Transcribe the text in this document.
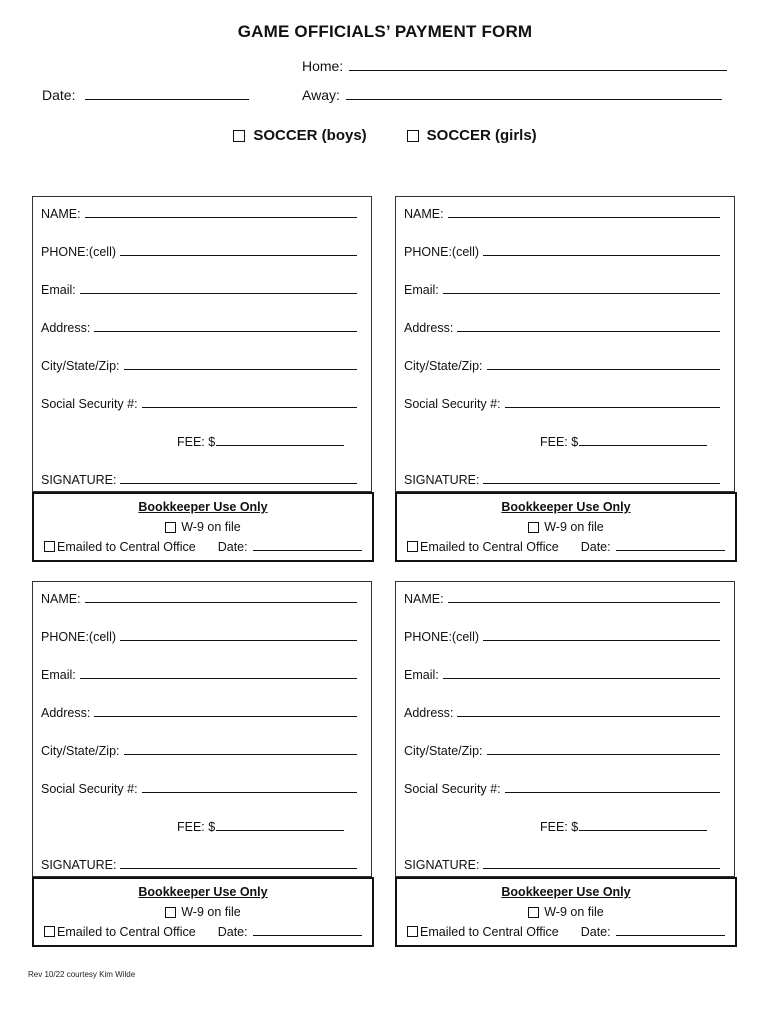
GAME OFFICIALS’ PAYMENT FORM
Home:
Date:	Away:
SOCCER (boys)	SOCCER (girls)
NAME:
PHONE:(cell)
Email:
Address:
City/State/Zip:
Social Security #:
FEE: $
SIGNATURE:
Bookkeeper Use Only
W-9 on file
Emailed to Central Office Date:
NAME:
PHONE:(cell)
Email:
Address:
City/State/Zip:
Social Security #:
FEE: $
SIGNATURE:
Bookkeeper Use Only
W-9 on file
Emailed to Central Office Date:
NAME:
PHONE:(cell)
Email:
Address:
City/State/Zip:
Social Security #:
FEE: $
SIGNATURE:
Bookkeeper Use Only
W-9 on file
Emailed to Central Office Date:
NAME:
PHONE:(cell)
Email:
Address:
City/State/Zip:
Social Security #:
FEE: $
SIGNATURE:
Bookkeeper Use Only
W-9 on file
Emailed to Central Office Date:
Rev 10/22 courtesy Kim Wilde
